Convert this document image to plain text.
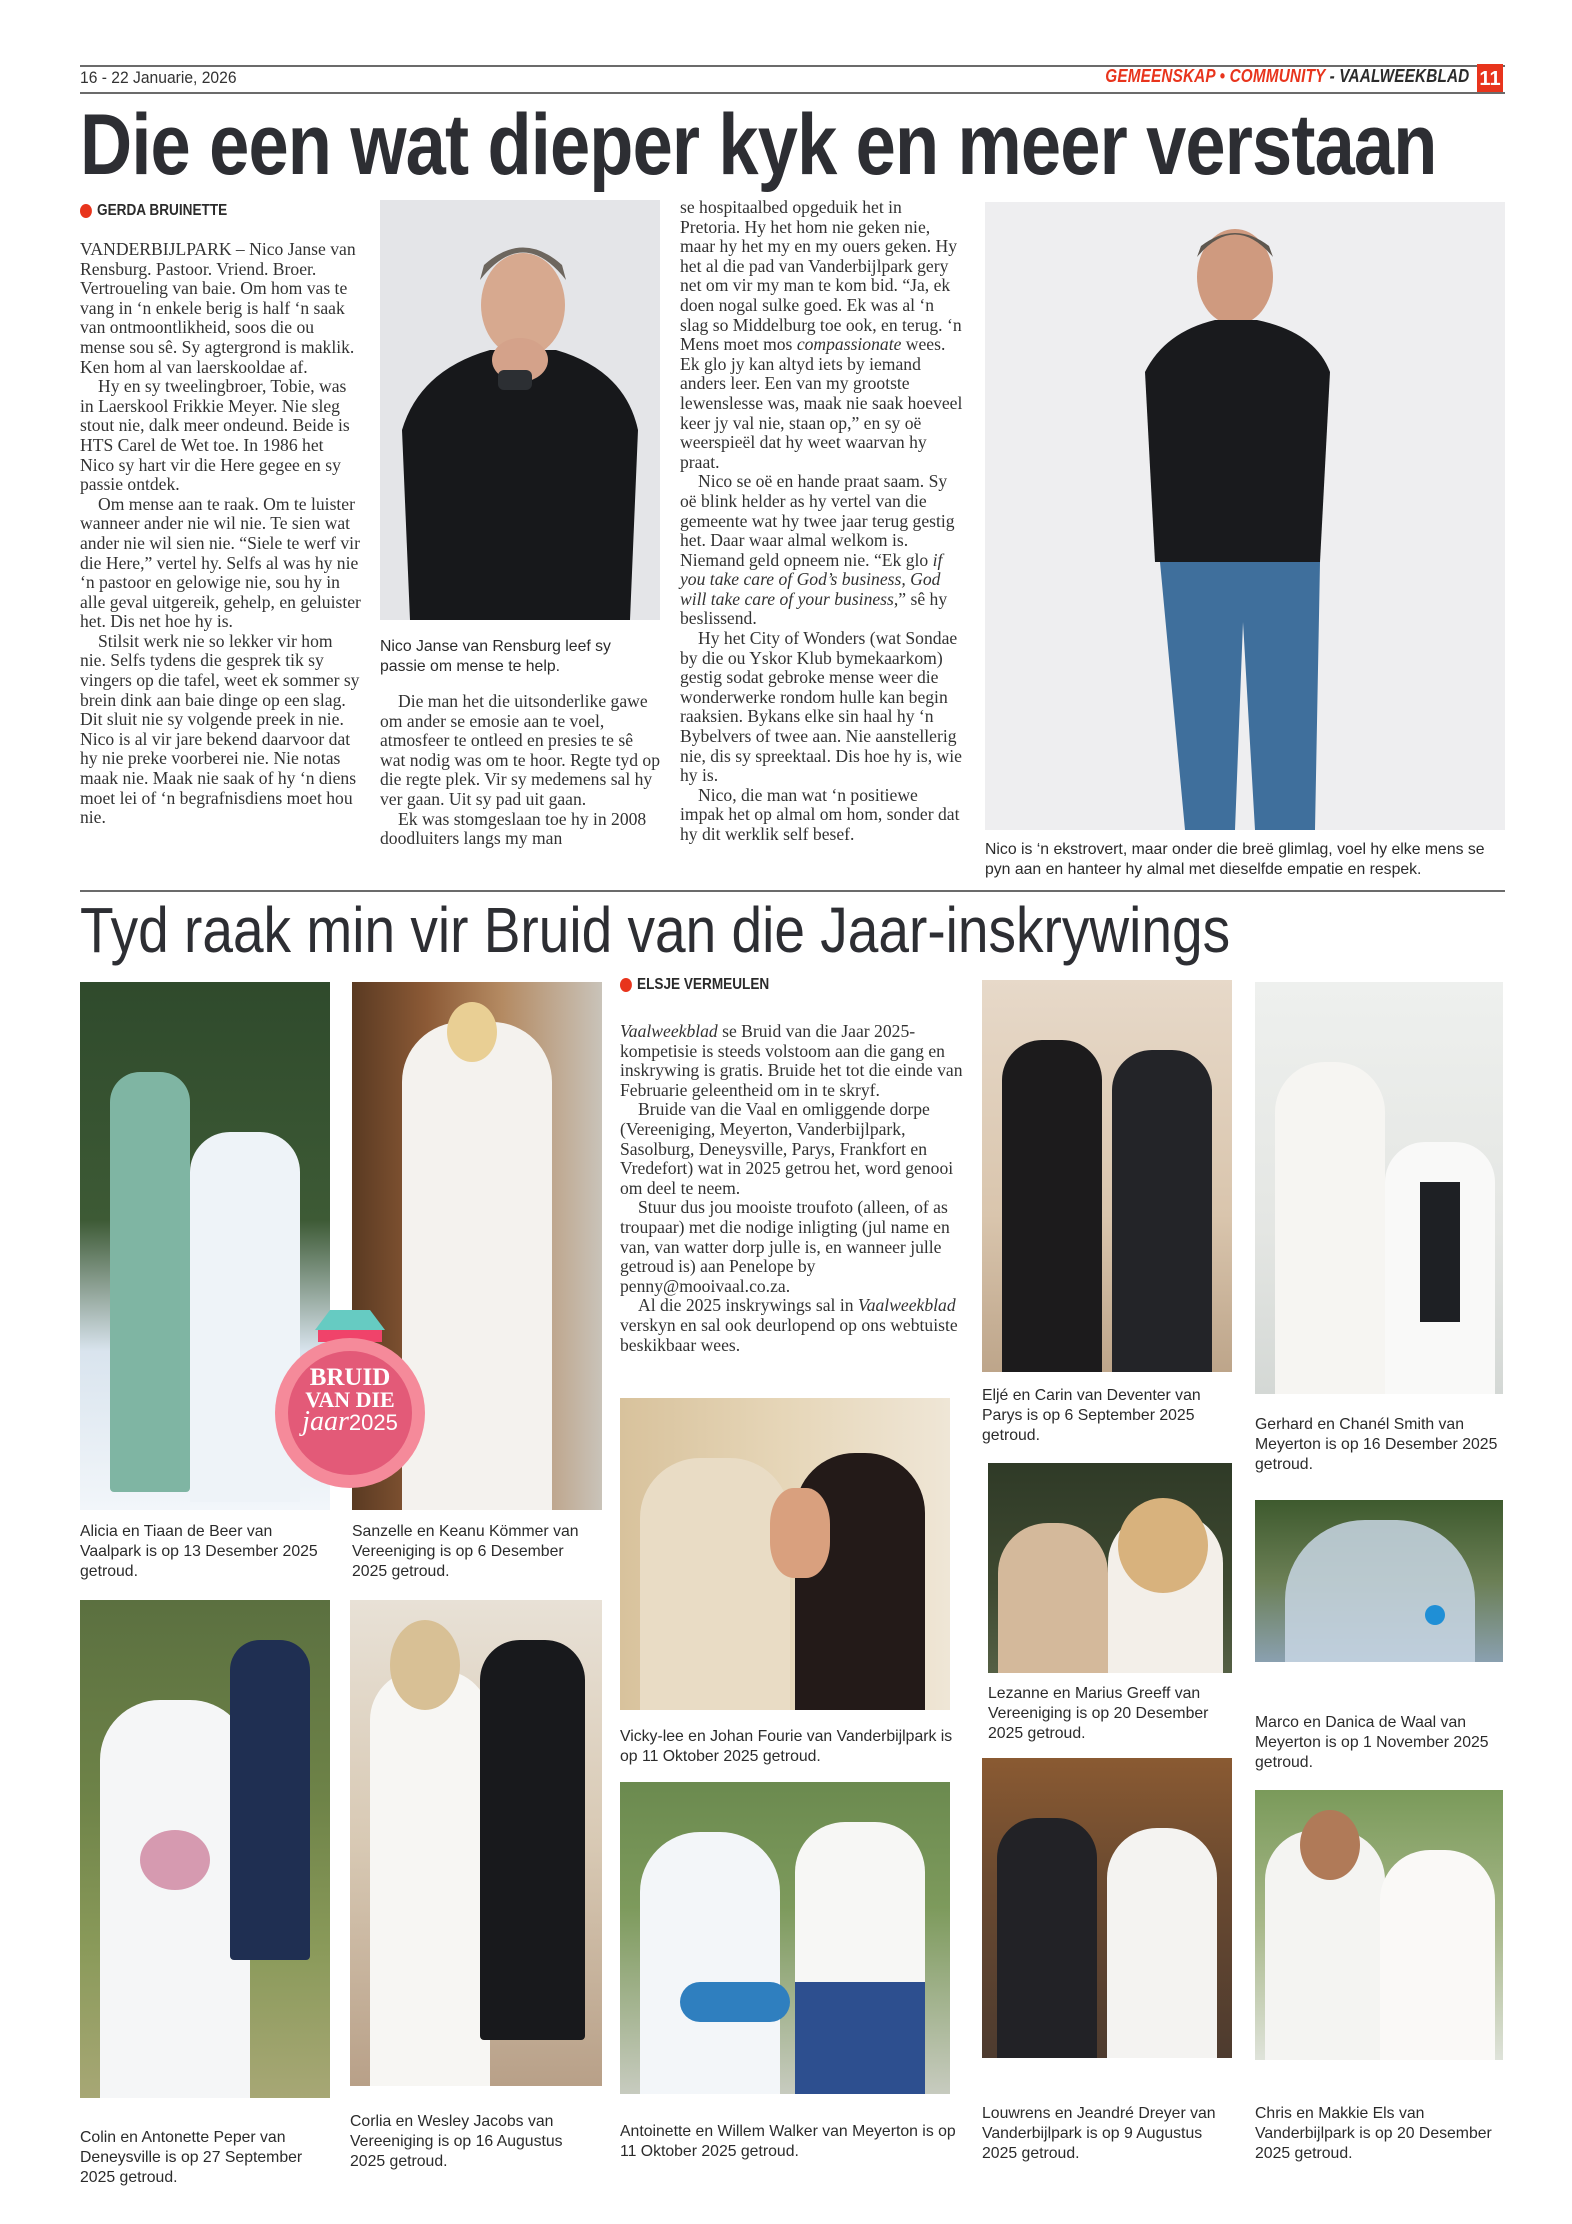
16 - 22 Januarie, 2026	GEMEENSKAP • COMMUNITY - VAALWEEKBLAD 11
Die een wat dieper kyk en meer verstaan
GERDA BRUINETTE

VANDERBIJLPARK – Nico Janse van Rensburg. Pastoor. Vriend. Broer. Vertroueling van baie. Om hom vas te vang in ‘n enkele berig is half ‘n saak van ontmoontlikheid, soos die ou mense sou sê. Sy agtergrond is maklik. Ken hom al van laerskooldae af.

Hy en sy tweelingbroer, Tobie, was in Laerskool Frikkie Meyer. Nie sleg stout nie, dalk meer ondeund. Beide is HTS Carel de Wet toe. In 1986 het Nico sy hart vir die Here gegee en sy passie ontdek.

Om mense aan te raak. Om te luister wanneer ander nie wil nie. Te sien wat ander nie wil sien nie. “Siele te werf vir die Here,” vertel hy. Selfs al was hy nie ‘n pastoor en gelowige nie, sou hy in alle geval uitgereik, gehelp, en geluister het. Dis net hoe hy is.

Stilsit werk nie so lekker vir hom nie. Selfs tydens die gesprek tik sy vingers op die tafel, weet ek sommer sy brein dink aan baie dinge op een slag. Dit sluit nie sy volgende preek in nie. Nico is al vir jare bekend daarvoor dat hy nie preke voorberei nie. Nie notas maak nie. Maak nie saak of hy ‘n diens moet lei of ‘n begrafnisdiens moet hou nie.

Nico Janse van Rensburg leef sy passie om mense te help.

Die man het die uitsonderlike gawe om ander se emosie aan te voel, atmosfeer te ontleed en presies te sê wat nodig was om te hoor. Regte tyd op die regte plek. Vir sy medemens sal hy ver gaan. Uit sy pad uit gaan.

Ek was stomgeslaan toe hy in 2008 doodluiters langs my man

se hospitaalbed opgeduik het in Pretoria. Hy het hom nie geken nie, maar hy het my en my ouers geken. Hy het al die pad van Vanderbijlpark gery net om vir my man te kom bid. “Ja, ek doen nogal sulke goed. Ek was al ‘n slag so Middelburg toe ook, en terug. ‘n Mens moet mos compassionate wees. Ek glo jy kan altyd iets by iemand anders leer. Een van my grootste lewenslesse was, maak nie saak hoeveel keer jy val nie, staan op,” en sy oë weerspieël dat hy weet waarvan hy praat.

Nico se oë en hande praat saam. Sy oë blink helder as hy vertel van die gemeente wat hy twee jaar terug gestig het. Daar waar almal welkom is. Niemand geld opneem nie. “Ek glo if you take care of God’s business, God will take care of your business,” sê hy beslissend.

Hy het City of Wonders (wat Sondae by die ou Yskor Klub bymekaarkom) gestig sodat gebroke mense weer die wonderwerke rondom hulle kan begin raaksien. Bykans elke sin haal hy ‘n Bybelvers of twee aan. Nie aanstellerig nie, dis sy spreektaal. Dis hoe hy is, wie hy is.

Nico, die man wat ‘n positiewe impak het op almal om hom, sonder dat hy dit werklik self besef.

Nico is ‘n ekstrovert, maar onder die breë glimlag, voel hy elke mens se pyn aan en hanteer hy almal met dieselfde empatie en respek.
Tyd raak min vir Bruid van die Jaar-inskrywings
Alicia en Tiaan de Beer van Vaalpark is op 13 Desember 2025 getroud.
Sanzelle en Keanu Kömmer van Vereeniging is op 6 Desember 2025 getroud.
BRUID
VAN DIE
jaar2025
ELSJE VERMEULEN

Vaalweekblad se Bruid van die Jaar 2025-kompetisie is steeds volstoom aan die gang en inskrywing is gratis. Bruide het tot die einde van Februarie geleentheid om in te skryf.

Bruide van die Vaal en omliggende dorpe (Vereeniging, Meyerton, Vanderbijlpark, Sasolburg, Deneysville, Parys, Frankfort en Vredefort) wat in 2025 getrou het, word genooi om deel te neem.

Stuur dus jou mooiste troufoto (alleen, of as troupaar) met die nodige inligting (jul name en van, van watter dorp julle is, en wanneer julle getroud is) aan Penelope by penny@mooivaal.co.za.

Al die 2025 inskrywings sal in Vaalweekblad verskyn en sal ook deurlopend op ons webtuiste beskikbaar wees.

Vicky-lee en Johan Fourie van Vanderbijlpark is op 11 Oktober 2025 getroud.
Antoinette en Willem Walker van Meyerton is op 11 Oktober 2025 getroud.
Eljé en Carin van Deventer van Parys is op 6 September 2025 getroud.
Lezanne en Marius Greeff van Vereeniging is op 20 Desember 2025 getroud.
Louwrens en Jeandré Dreyer van Vanderbijlpark is op 9 Augustus 2025 getroud.
Gerhard en Chanél Smith van Meyerton is op 16 Desember 2025 getroud.
Marco en Danica de Waal van Meyerton is op 1 November 2025 getroud.
Chris en Makkie Els van Vanderbijlpark is op 20 Desember 2025 getroud.
Colin en Antonette Peper van Deneysville is op 27 September 2025 getroud.
Corlia en Wesley Jacobs van Vereeniging is op 16 Augustus 2025 getroud.
